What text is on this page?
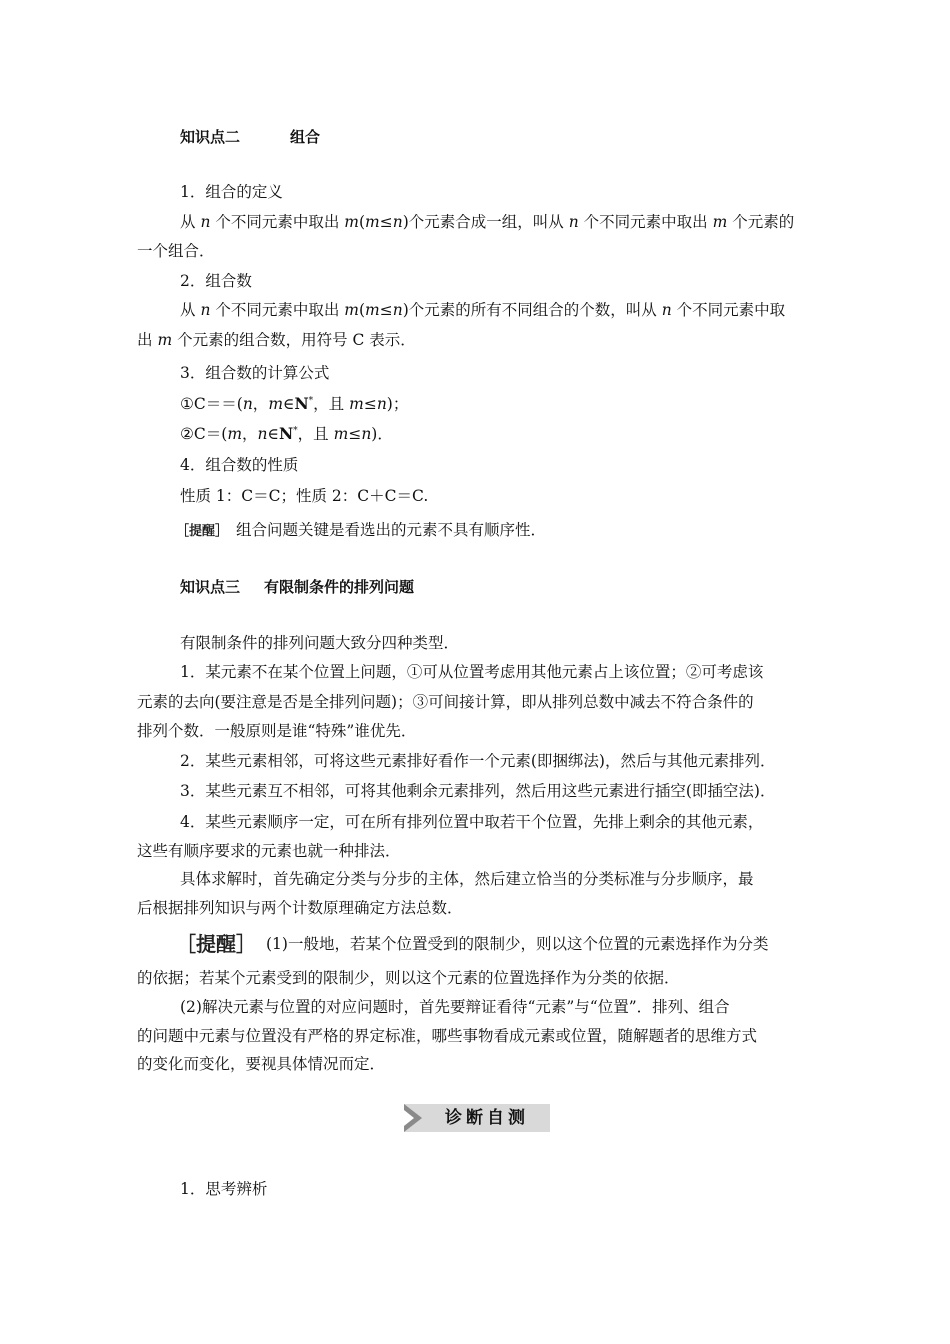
知识点二	组合
1．组合的定义
从 n 个不同元素中取出 m(m≤n)个元素合成一组，叫从 n 个不同元素中取出 m 个元素的
一个组合．
2．组合数
从 n 个不同元素中取出 m(m≤n)个元素的所有不同组合的个数，叫从 n 个不同元素中取
出 m 个元素的组合数，用符号 C 表示．
3．组合数的计算公式
①C＝＝(n，m∈N*，且 m≤n)；
②C＝(m，n∈N*，且 m≤n)．
4．组合数的性质
性质 1：C＝C；性质 2：C＋C＝C.
［提醒］ 组合问题关键是看选出的元素不具有顺序性．
知识点三 有限制条件的排列问题
有限制条件的排列问题大致分四种类型．
1．某元素不在某个位置上问题，①可从位置考虑用其他元素占上该位置；②可考虑该
元素的去向(要注意是否是全排列问题)；③可间接计算，即从排列总数中减去不符合条件的
排列个数．一般原则是谁“特殊”谁优先．
2．某些元素相邻，可将这些元素排好看作一个元素(即捆绑法)，然后与其他元素排列．
3．某些元素互不相邻，可将其他剩余元素排列，然后用这些元素进行插空(即插空法)．
4．某些元素顺序一定，可在所有排列位置中取若干个位置，先排上剩余的其他元素，
这些有顺序要求的元素也就一种排法．
具体求解时，首先确定分类与分步的主体，然后建立恰当的分类标准与分步顺序，最
后根据排列知识与两个计数原理确定方法总数．
［提醒］ (1)一般地，若某个位置受到的限制少，则以这个位置的元素选择作为分类
的依据；若某个元素受到的限制少，则以这个元素的位置选择作为分类的依据．
(2)解决元素与位置的对应问题时，首先要辩证看待“元素”与“位置”．排列、组合
的问题中元素与位置没有严格的界定标准，哪些事物看成元素或位置，随解题者的思维方式
的变化而变化，要视具体情况而定．
诊断自测
1．思考辨析
